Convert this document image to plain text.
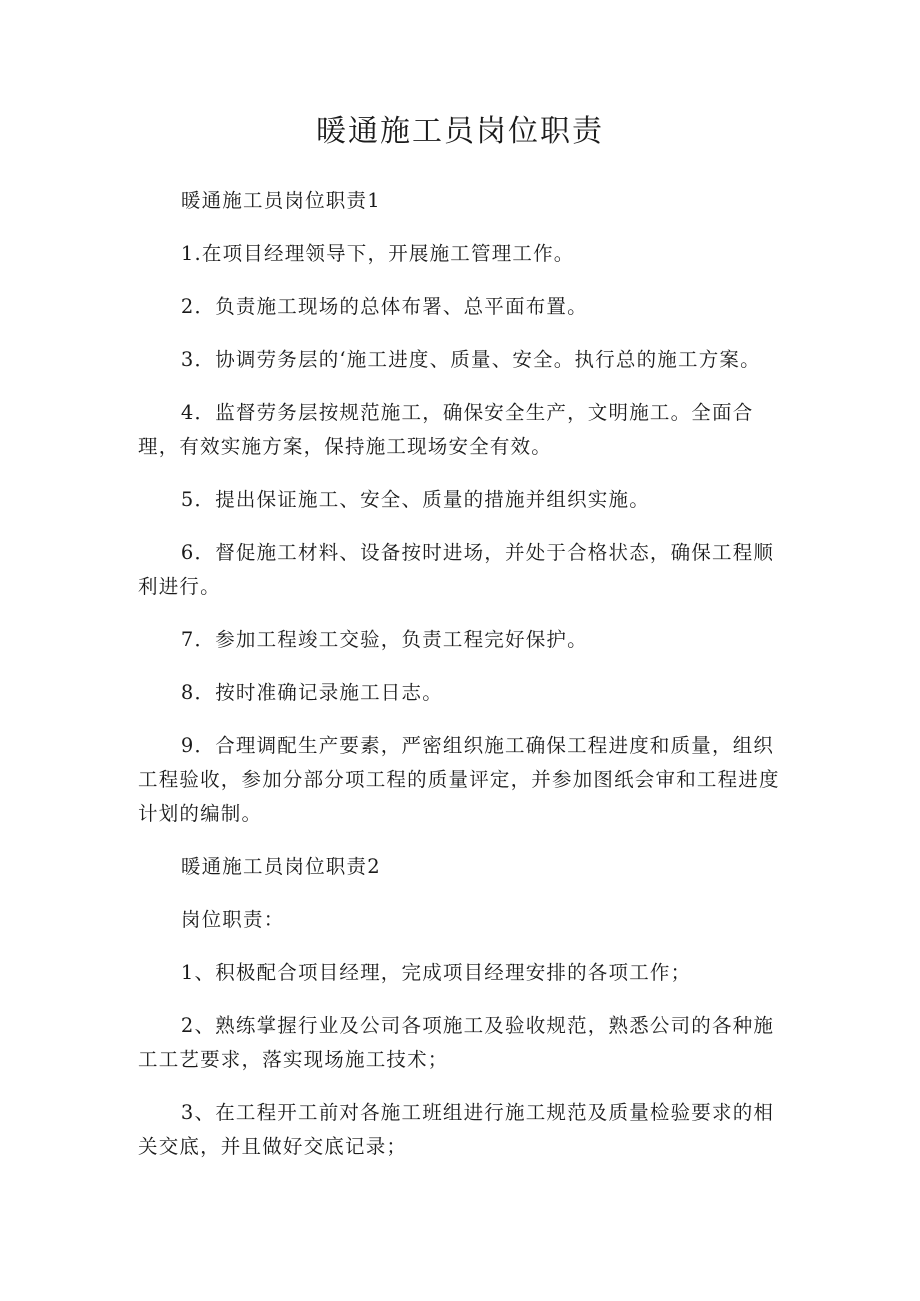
暖通施工员岗位职责

暖通施工员岗位职责1

1.在项目经理领导下，开展施工管理工作。

2．负责施工现场的总体布署、总平面布置。

3．协调劳务层的‘施工进度、质量、安全。执行总的施工方案。

4．监督劳务层按规范施工，确保安全生产，文明施工。全面合理，有效实施方案，保持施工现场安全有效。

5．提出保证施工、安全、质量的措施并组织实施。

6．督促施工材料、设备按时进场，并处于合格状态，确保工程顺利进行。

7．参加工程竣工交验，负责工程完好保护。

8．按时准确记录施工日志。

9．合理调配生产要素，严密组织施工确保工程进度和质量，组织工程验收，参加分部分项工程的质量评定，并参加图纸会审和工程进度计划的编制。

暖通施工员岗位职责2

岗位职责：

1、积极配合项目经理，完成项目经理安排的各项工作；

2、熟练掌握行业及公司各项施工及验收规范，熟悉公司的各种施工工艺要求，落实现场施工技术；

3、在工程开工前对各施工班组进行施工规范及质量检验要求的相关交底，并且做好交底记录；
